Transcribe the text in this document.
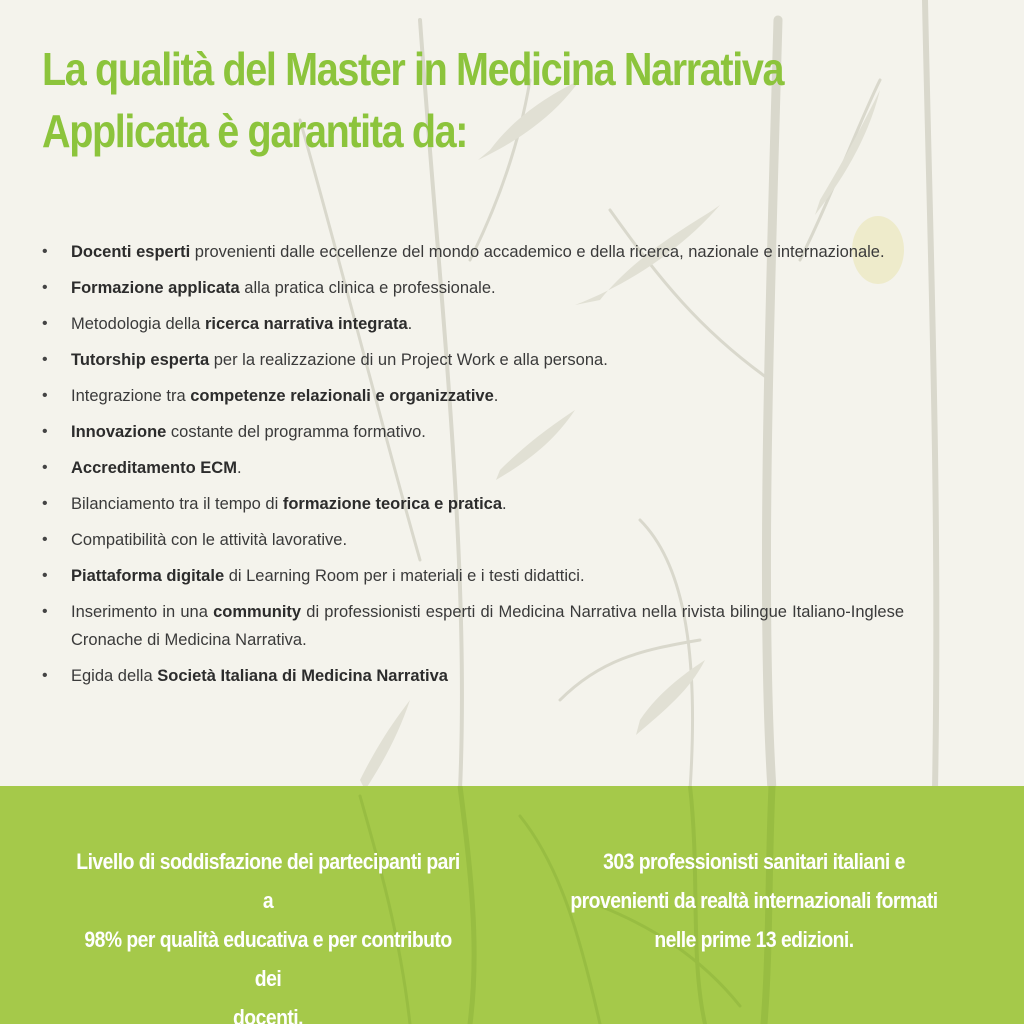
La qualità del Master in Medicina Narrativa
Applicata è garantita da:
• Docenti esperti provenienti dalle eccellenze del mondo accademico e della ricerca, nazionale e internazionale.
• Formazione applicata alla pratica clinica e professionale.
• Metodologia della ricerca narrativa integrata.
• Tutorship esperta per la realizzazione di un Project Work e alla persona.
• Integrazione tra competenze relazionali e organizzative.
• Innovazione costante del programma formativo.
• Accreditamento ECM.
• Bilanciamento tra il tempo di formazione teorica e pratica.
• Compatibilità con le attività lavorative.
• Piattaforma digitale di Learning Room per i materiali e i testi didattici.
• Inserimento in una community di professionisti esperti di Medicina Narrativa nella rivista bilingue Italiano-Inglese Cronache di Medicina Narrativa.
• Egida della Società Italiana di Medicina Narrativa

Livello di soddisfazione dei partecipanti pari a
98% per qualità educativa e per contributo dei
docenti.

303 professionisti sanitari italiani e
provenienti da realtà internazionali formati
nelle prime 13 edizioni.
